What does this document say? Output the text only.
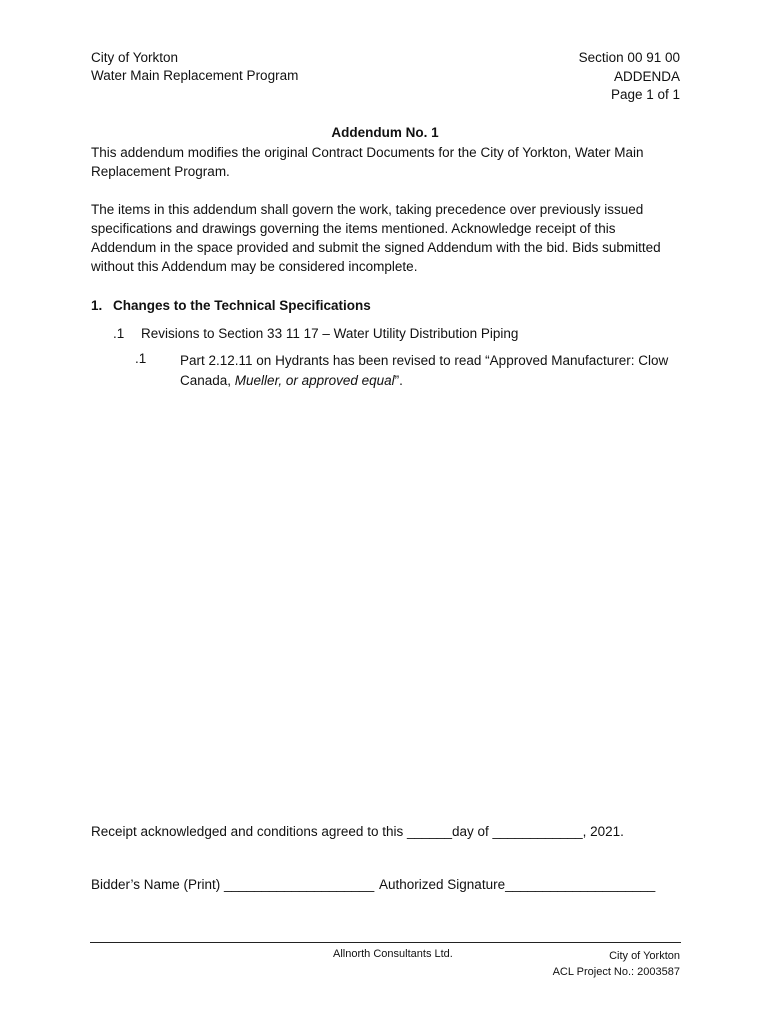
City of Yorkton
Water Main Replacement Program
Section 00 91 00
ADDENDA
Page 1 of 1
Addendum No. 1
This addendum modifies the original Contract Documents for the City of Yorkton, Water Main Replacement Program.
The items in this addendum shall govern the work, taking precedence over previously issued specifications and drawings governing the items mentioned. Acknowledge receipt of this Addendum in the space provided and submit the signed Addendum with the bid. Bids submitted without this Addendum may be considered incomplete.
1. Changes to the Technical Specifications
.1 Revisions to Section 33 11 17 – Water Utility Distribution Piping
.1 Part 2.12.11 on Hydrants has been revised to read “Approved Manufacturer: Clow Canada, Mueller, or approved equal”.
Receipt acknowledged and conditions agreed to this ______day of ____________, 2021.
Bidder’s Name (Print) ____________________ Authorized Signature____________________
Allnorth Consultants Ltd.	City of Yorkton
ACL Project No.: 2003587
